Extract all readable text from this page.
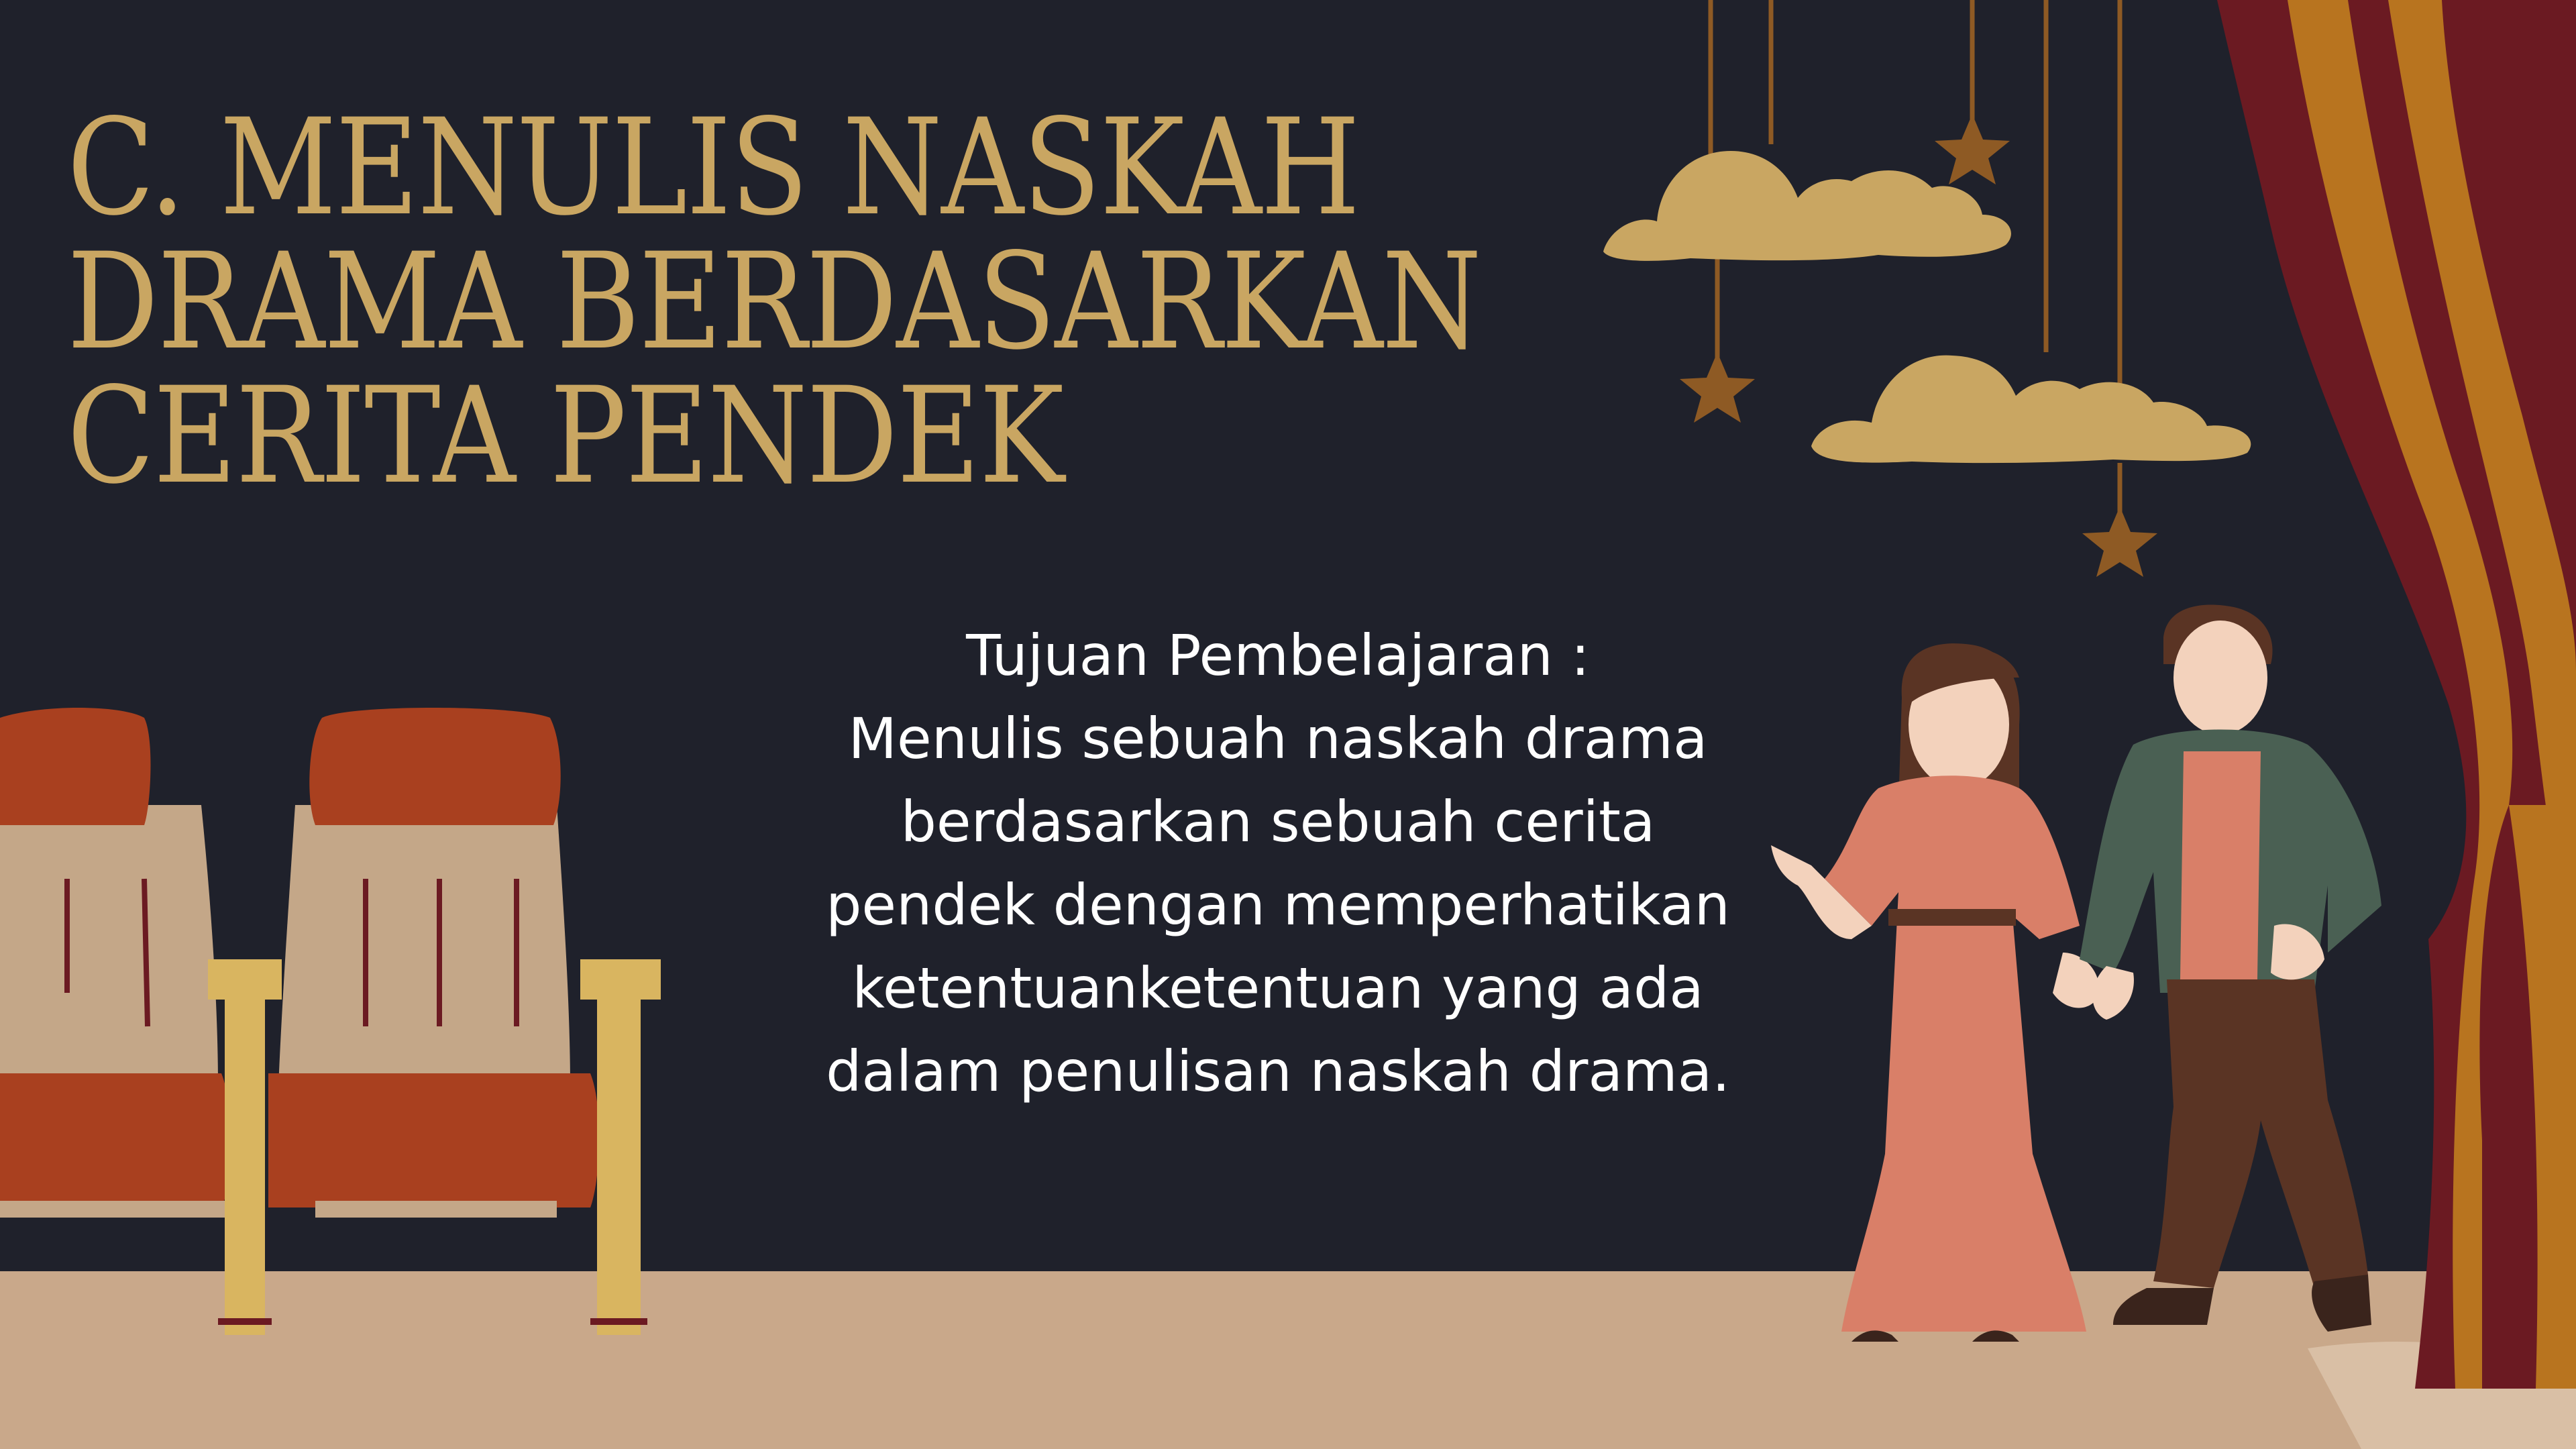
C. MENULIS NASKAH
DRAMA BERDASARKAN
CERITA PENDEK
Tujuan Pembelajaran :
Menulis sebuah naskah drama
berdasarkan sebuah cerita
pendek dengan memperhatikan
ketentuanketentuan yang ada
dalam penulisan naskah drama.
